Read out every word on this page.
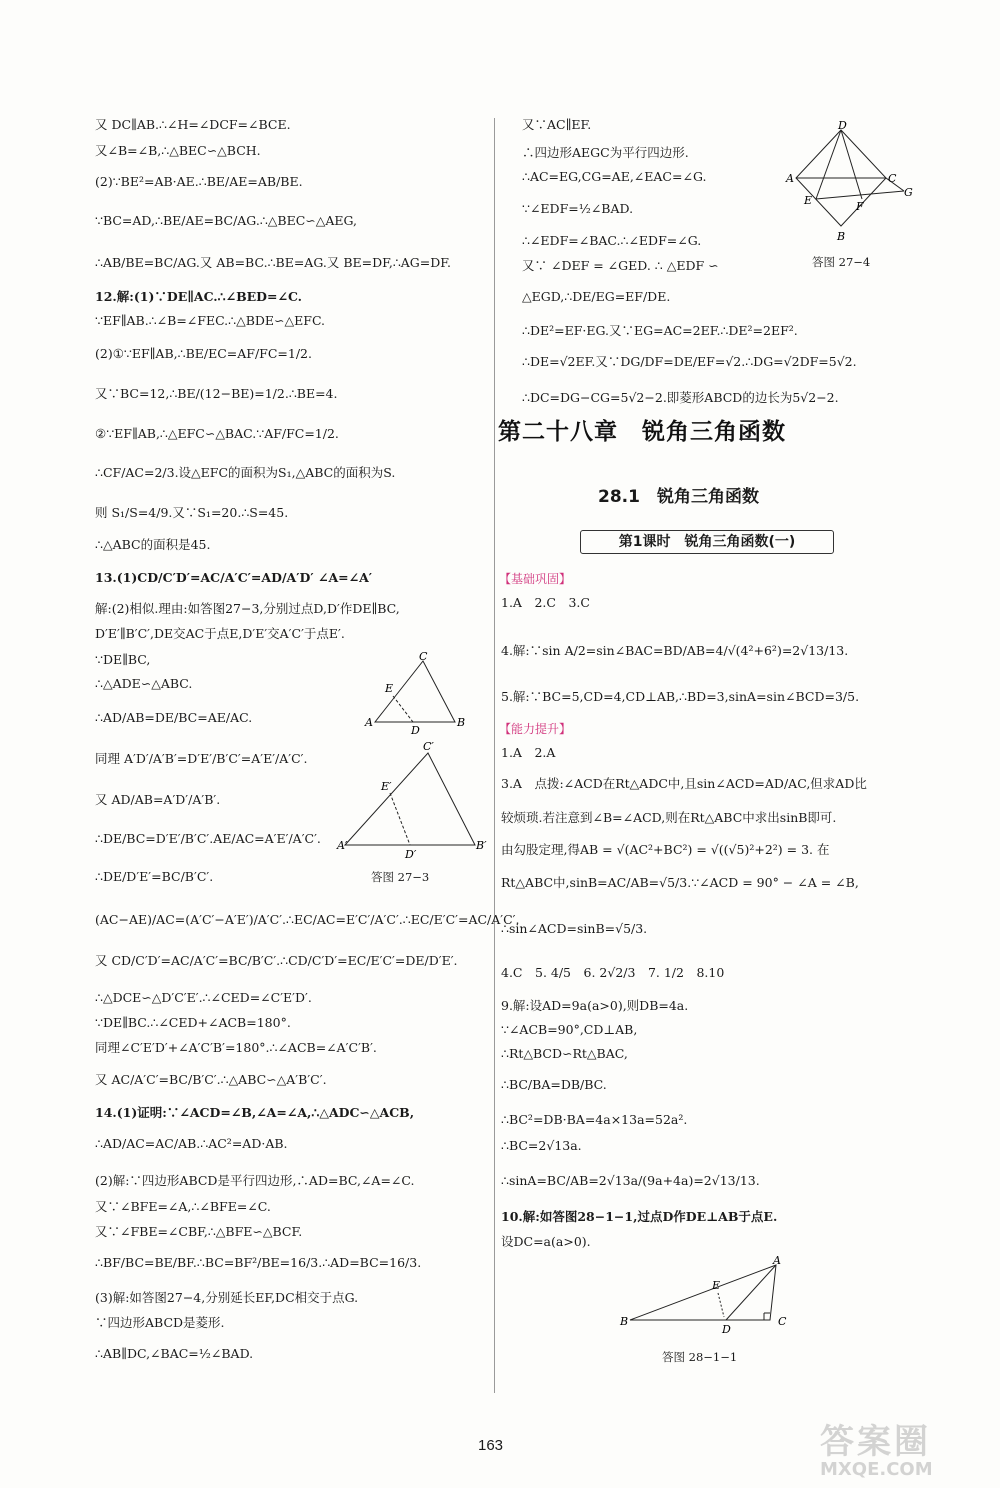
又 DC∥AB.∴∠H=∠DCF=∠BCE.
又∠B=∠B,∴△BEC∽△BCH.
(2)∵BE²=AB·AE.∴BE/AE=AB/BE.
∵BC=AD,∴BE/AE=BC/AG.∴△BEC∽△AEG,
∴AB/BE=BC/AG.又 AB=BC.∴BE=AG.又 BE=DF,∴AG=DF.
12.解:(1)∵DE∥AC.∴∠BED=∠C.
∵EF∥AB.∴∠B=∠FEC.∴△BDE∽△EFC.
(2)①∵EF∥AB,∴BE/EC=AF/FC=1/2.
又∵BC=12,∴BE/(12−BE)=1/2.∴BE=4.
②∵EF∥AB,∴△EFC∽△BAC.∵AF/FC=1/2.
∴CF/AC=2/3.设△EFC的面积为S₁,△ABC的面积为S.
则 S₁/S=4/9.又∵S₁=20.∴S=45.
∴△ABC的面积是45.
13.(1)CD/C′D′=AC/A′C′=AD/A′D′ ∠A=∠A′
解:(2)相似.理由:如答图27−3,分别过点D,D′作DE∥BC,
D′E′∥B′C′,DE交AC于点E,D′E′交A′C′于点E′.
∵DE∥BC,
∴△ADE∽△ABC.
∴AD/AB=DE/BC=AE/AC.
同理 A′D′/A′B′=D′E′/B′C′=A′E′/A′C′.
又 AD/AB=A′D′/A′B′.
∴DE/BC=D′E′/B′C′.AE/AC=A′E′/A′C′.
∴DE/D′E′=BC/B′C′.
(AC−AE)/AC=(A′C′−A′E′)/A′C′.∴EC/AC=E′C′/A′C′.∴EC/E′C′=AC/A′C′.
又 CD/C′D′=AC/A′C′=BC/B′C′.∴CD/C′D′=EC/E′C′=DE/D′E′.
∴△DCE∽△D′C′E′.∴∠CED=∠C′E′D′.
∵DE∥BC.∴∠CED+∠ACB=180°.
同理∠C′E′D′+∠A′C′B′=180°.∴∠ACB=∠A′C′B′.
又 AC/A′C′=BC/B′C′.∴△ABC∽△A′B′C′.
14.(1)证明:∵∠ACD=∠B,∠A=∠A,∴△ADC∽△ACB,
∴AD/AC=AC/AB.∴AC²=AD·AB.
(2)解:∵四边形ABCD是平行四边形,∴AD=BC,∠A=∠C.
又∵∠BFE=∠A,∴∠BFE=∠C.
又∵∠FBE=∠CBF,∴△BFE∽△BCF.
∴BF/BC=BE/BF.∴BC=BF²/BE=16/3.∴AD=BC=16/3.
(3)解:如答图27−4,分别延长EF,DC相交于点G.
∵四边形ABCD是菱形.
∴AB∥DC,∠BAC=½∠BAD.
A
C
E
D
B
A′
C′
E′
D′
B′
答图 27−3
又∵AC∥EF.
∴四边形AEGC为平行四边形.
∴AC=EG,CG=AE,∠EAC=∠G.
∵∠EDF=½∠BAD.
∴∠EDF=∠BAC.∴∠EDF=∠G.
又∵ ∠DEF = ∠GED. ∴ △EDF ∽
△EGD,∴DE/EG=EF/DE.
∴DE²=EF·EG.又∵EG=AC=2EF.∴DE²=2EF².
∴DE=√2EF.又∵DG/DF=DE/EF=√2.∴DG=√2DF=5√2.
∴DC=DG−CG=5√2−2.即菱形ABCD的边长为5√2−2.
D
A	C
E	F
G
B
答图 27−4
第二十八章　锐角三角函数
28.1　锐角三角函数
第1课时　锐角三角函数(一)
【基础巩固】
1.A　2.C　3.C
4.解:∵sin A/2=sin∠BAC=BD/AB=4/√(4²+6²)=2√13/13.
5.解:∵BC=5,CD=4,CD⊥AB,∴BD=3,sinA=sin∠BCD=3/5.
【能力提升】
1.A　2.A
3.A　点拨:∠ACD在Rt△ADC中,且sin∠ACD=AD/AC,但求AD比
较烦琐.若注意到∠B=∠ACD,则在Rt△ABC中求出sinB即可.
由勾股定理,得AB = √(AC²+BC²) = √((√5)²+2²) = 3. 在
Rt△ABC中,sinB=AC/AB=√5/3.∵∠ACD = 90° − ∠A = ∠B,
∴sin∠ACD=sinB=√5/3.
4.C　5. 4/5　6. 2√2/3　7. 1/2　8.10
9.解:设AD=9a(a>0),则DB=4a.
∵∠ACB=90°,CD⊥AB,
∴Rt△BCD∽Rt△BAC,
∴BC/BA=DB/BC.
∴BC²=DB·BA=4a×13a=52a².
∴BC=2√13a.
∴sinA=BC/AB=2√13a/(9a+4a)=2√13/13.
10.解:如答图28−1−1,过点D作DE⊥AB于点E.
设DC=a(a>0).
B
A
C
E
D
答图 28−1−1
163	答案圈
MXQE.COM
